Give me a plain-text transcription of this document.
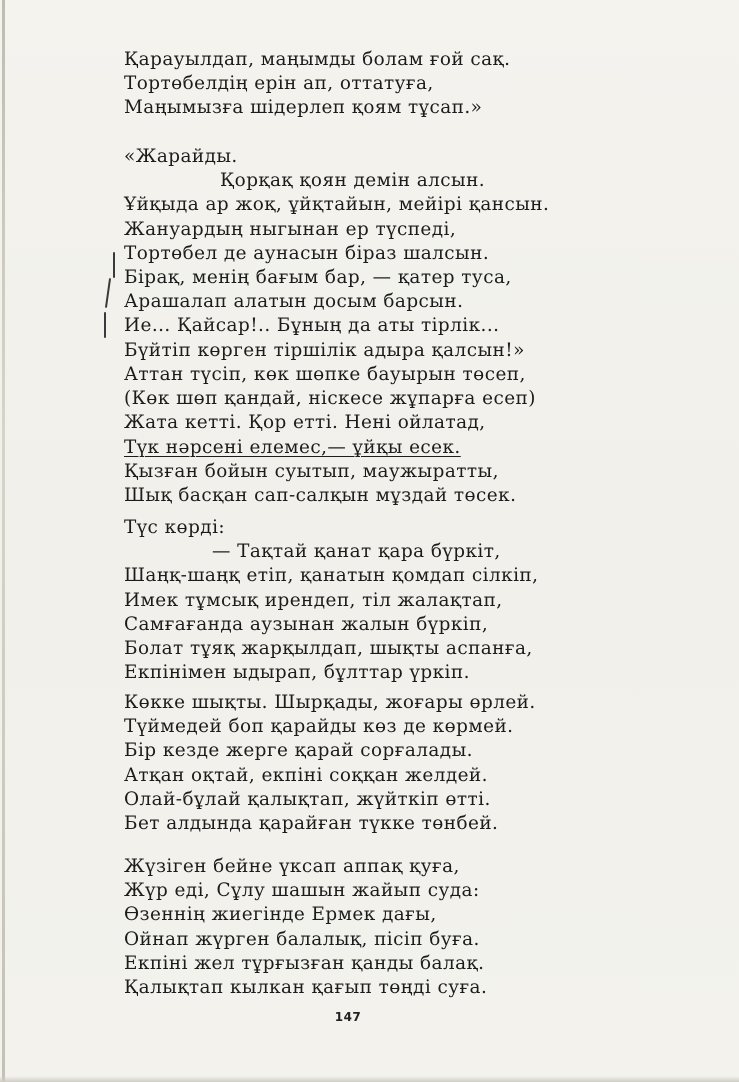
Қарауылдап, маңымды болам ғой сақ.
Тортөбелдің ерін ап, оттатуға,
Маңымызға шідерлеп қоям тұсап.»
«Жарайды.
Қорқақ қоян демін алсын.
Ұйқыда ар жоқ, ұйқтайын, мейірі қансын.
Жануардың ныгынан ер түспеді,
Тортөбел де аунасын біраз шалсын.
Бірақ, менің бағым бар, — қатер туса,
Арашалап алатын досым барсын.
Ие... Қайсар!.. Бұның да аты тірлік...
Бүйтіп көрген тіршілік адыра қалсын!»
Аттан түсіп, көк шөпке бауырын төсеп,
(Көк шөп қандай, ніскесе жұпарға есеп)
Жата кетті. Қор етті. Нені ойлатад,
Түк нәрсені елемес,— ұйқы есек.
Қызған бойын суытып, маужыратты,
Шық басқан сап-салқын мұздай төсек.
Түс көрді:
— Тақтай қанат қара бүркіт,
Шаңқ-шаңқ етіп, қанатын қомдап сілкіп,
Имек тұмсық ирендеп, тіл жалақтап,
Самғағанда аузынан жалын бүркіп,
Болат тұяқ жарқылдап, шықты аспанға,
Екпінімен ыдырап, бұлттар үркіп.
Көкке шықты. Шырқады, жоғары өрлей.
Түймедей боп қарайды көз де көрмей.
Бір кезде жерге қарай сорғалады.
Атқан оқтай, екпіні соққан желдей.
Олай-бұлай қалықтап, жүйткіп өтті.
Бет алдында қарайған түкке төнбей.
Жүзіген бейне үксап аппақ қуға,
Жүр еді, Сұлу шашын жайып суда:
Өзеннің жиегінде Ермек дағы,
Ойнап жүрген балалық, пісіп буға.
Екпіні жел тұрғызған қанды балақ.
Қалықтап кылкан қағып төңді суға.
147
